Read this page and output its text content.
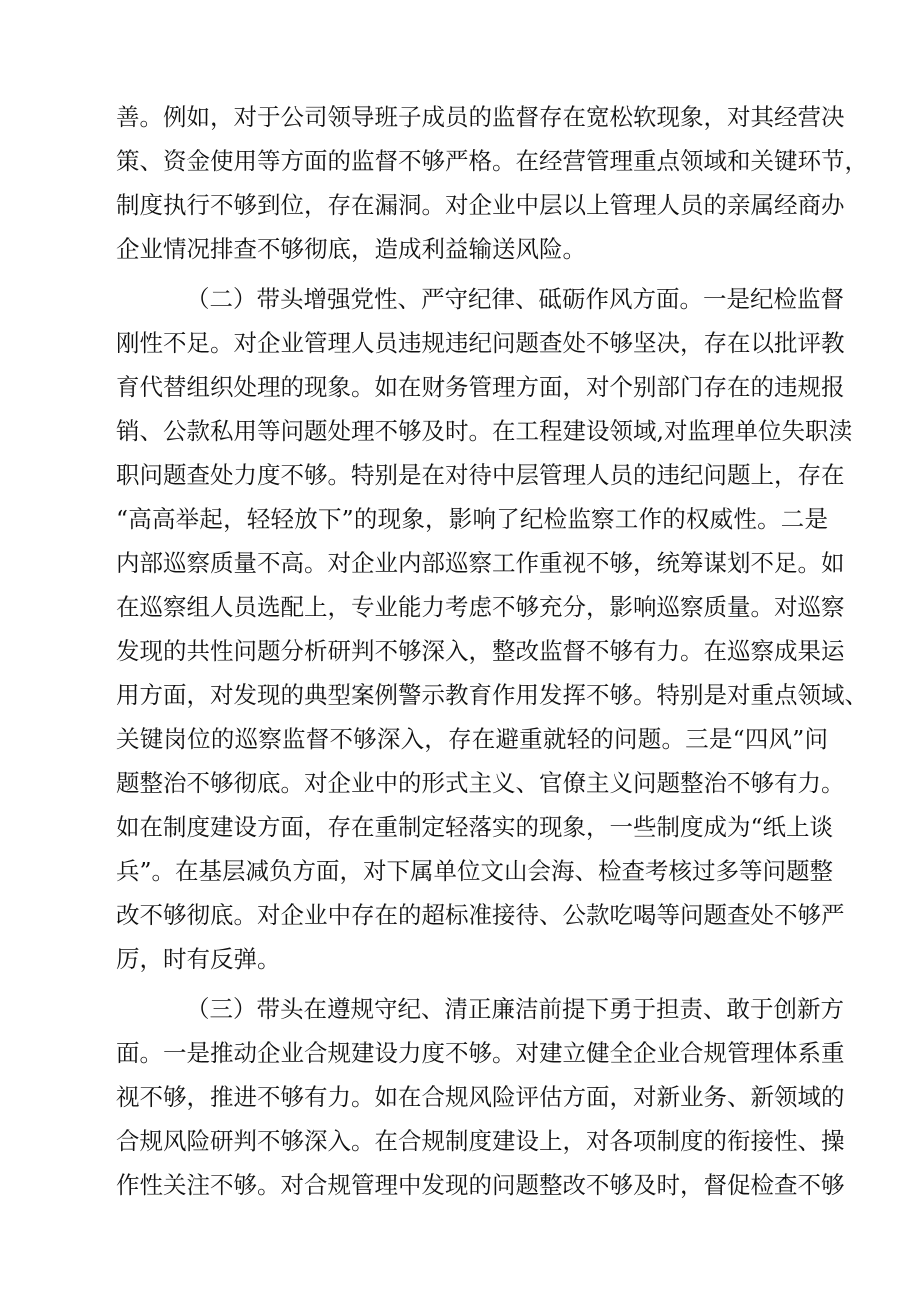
善。例如，对于公司领导班子成员的监督存在宽松软现象，对其经营决
策、资金使用等方面的监督不够严格。在经营管理重点领域和关键环节，
制度执行不够到位，存在漏洞。对企业中层以上管理人员的亲属经商办
企业情况排查不够彻底，造成利益输送风险。
（二）带头增强党性、严守纪律、砥砺作风方面。一是纪检监督
刚性不足。对企业管理人员违规违纪问题查处不够坚决，存在以批评教
育代替组织处理的现象。如在财务管理方面，对个别部门存在的违规报
销、公款私用等问题处理不够及时。在工程建设领域,对监理单位失职渎
职问题查处力度不够。特别是在对待中层管理人员的违纪问题上，存在
“高高举起，轻轻放下”的现象，影响了纪检监察工作的权威性。二是
内部巡察质量不高。对企业内部巡察工作重视不够，统筹谋划不足。如
在巡察组人员选配上，专业能力考虑不够充分，影响巡察质量。对巡察
发现的共性问题分析研判不够深入，整改监督不够有力。在巡察成果运
用方面，对发现的典型案例警示教育作用发挥不够。特别是对重点领域、
关键岗位的巡察监督不够深入，存在避重就轻的问题。三是“四风”问
题整治不够彻底。对企业中的形式主义、官僚主义问题整治不够有力。
如在制度建设方面，存在重制定轻落实的现象，一些制度成为“纸上谈
兵”。在基层减负方面，对下属单位文山会海、检查考核过多等问题整
改不够彻底。对企业中存在的超标准接待、公款吃喝等问题查处不够严
厉，时有反弹。
（三）带头在遵规守纪、清正廉洁前提下勇于担责、敢于创新方
面。一是推动企业合规建设力度不够。对建立健全企业合规管理体系重
视不够，推进不够有力。如在合规风险评估方面，对新业务、新领域的
合规风险研判不够深入。在合规制度建设上，对各项制度的衔接性、操
作性关注不够。对合规管理中发现的问题整改不够及时，督促检查不够
